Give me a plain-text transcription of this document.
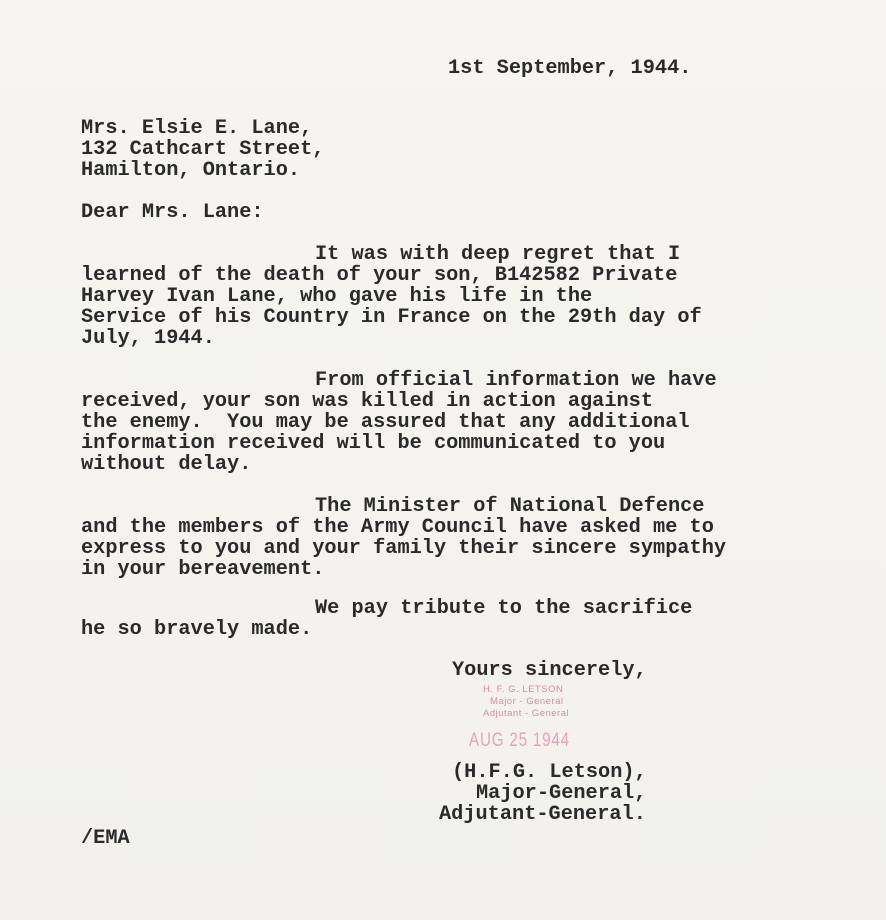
1st September, 1944.
Mrs. Elsie E. Lane,
132 Cathcart Street,
Hamilton, Ontario.
Dear Mrs. Lane:
It was with deep regret that I
learned of the death of your son, B142582 Private
Harvey Ivan Lane, who gave his life in the
Service of his Country in France on the 29th day of
July, 1944.
From official information we have
received, your son was killed in action against
the enemy.  You may be assured that any additional
information received will be communicated to you
without delay.
The Minister of National Defence
and the members of the Army Council have asked me to
express to you and your family their sincere sympathy
in your bereavement.
We pay tribute to the sacrifice
he so bravely made.
Yours sincerely,
H. F. G. LETSON
Major - General
Adjutant - General
AUG 25 1944
(H.F.G. Letson),
Major-General,
Adjutant-General.
/EMA
